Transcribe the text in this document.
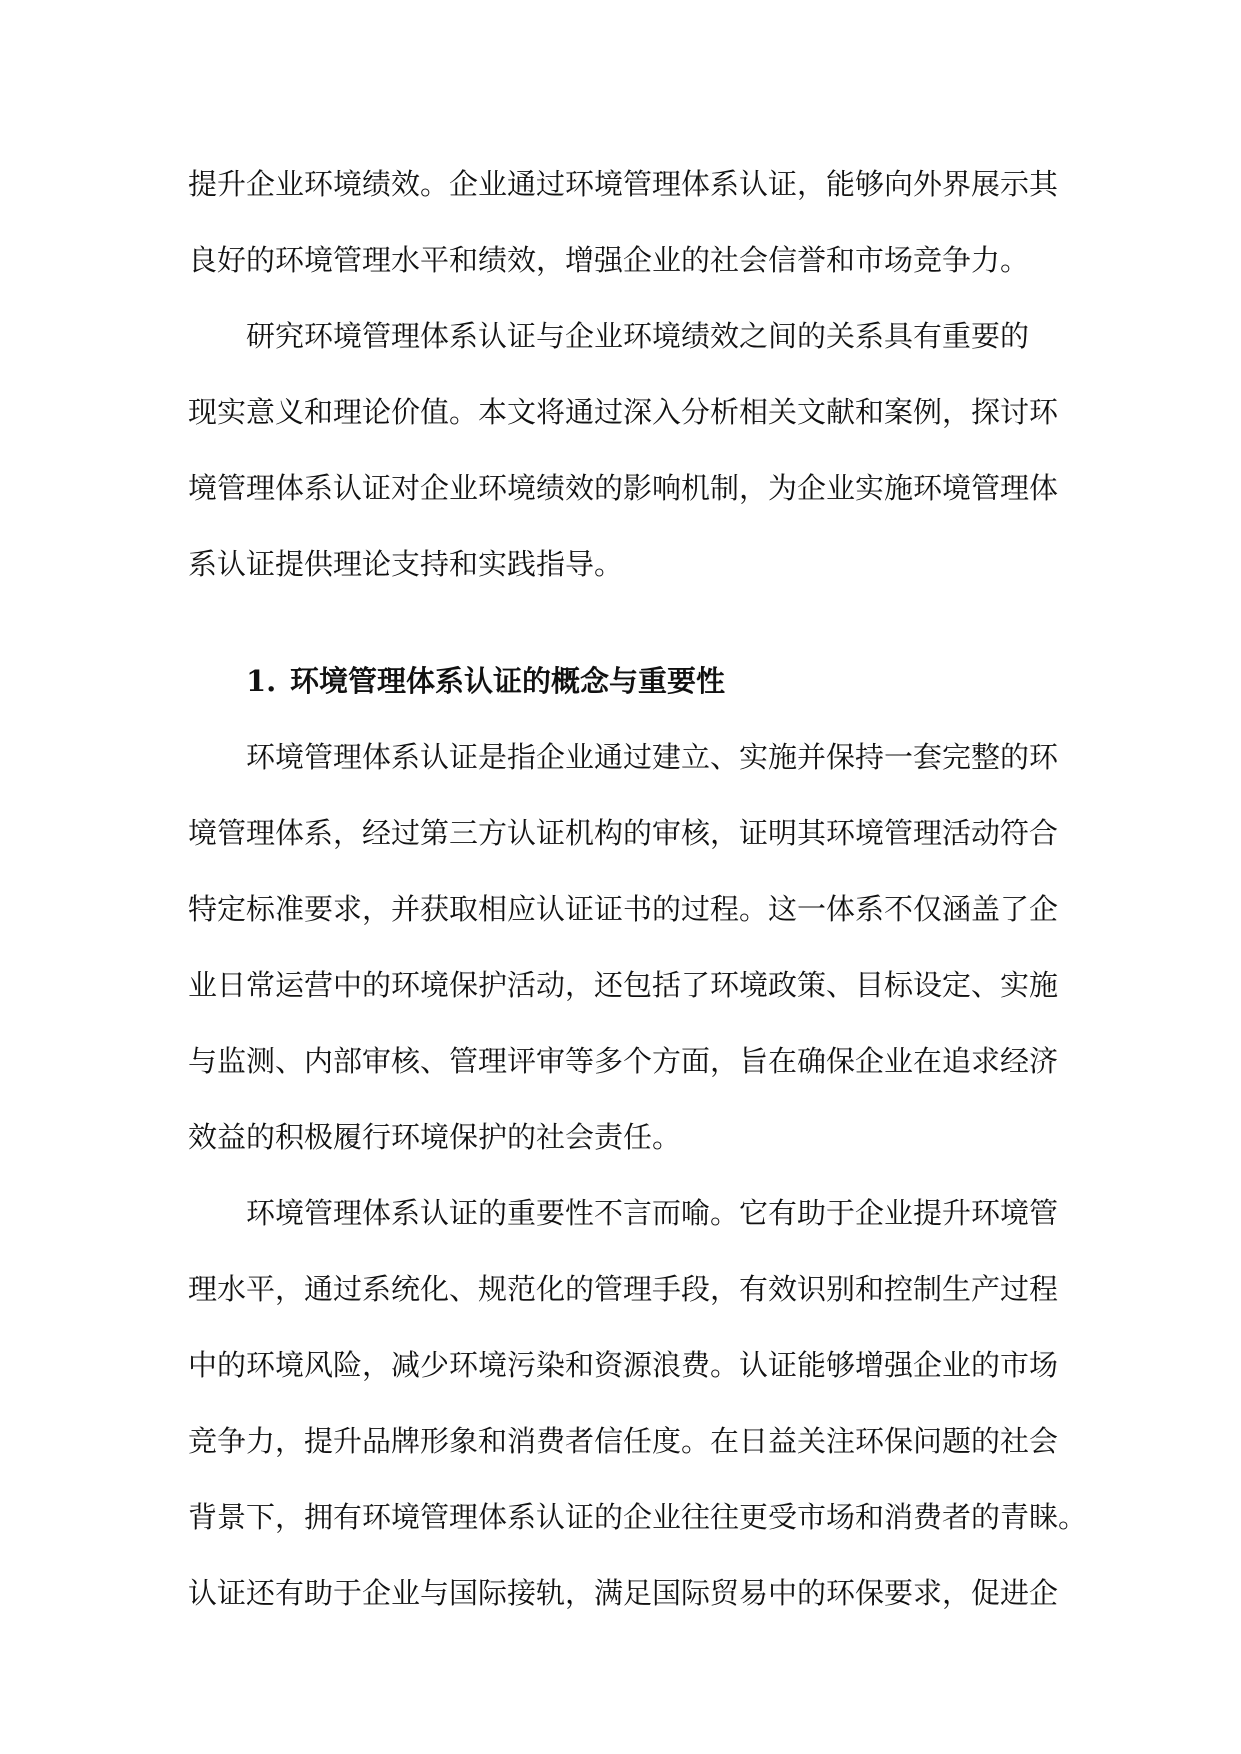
提升企业环境绩效。企业通过环境管理体系认证，能够向外界展示其
良好的环境管理水平和绩效，增强企业的社会信誉和市场竞争力。
研究环境管理体系认证与企业环境绩效之间的关系具有重要的
现实意义和理论价值。本文将通过深入分析相关文献和案例，探讨环
境管理体系认证对企业环境绩效的影响机制，为企业实施环境管理体
系认证提供理论支持和实践指导。
1. 环境管理体系认证的概念与重要性
环境管理体系认证是指企业通过建立、实施并保持一套完整的环
境管理体系，经过第三方认证机构的审核，证明其环境管理活动符合
特定标准要求，并获取相应认证证书的过程。这一体系不仅涵盖了企
业日常运营中的环境保护活动，还包括了环境政策、目标设定、实施
与监测、内部审核、管理评审等多个方面，旨在确保企业在追求经济
效益的积极履行环境保护的社会责任。
环境管理体系认证的重要性不言而喻。它有助于企业提升环境管
理水平，通过系统化、规范化的管理手段，有效识别和控制生产过程
中的环境风险，减少环境污染和资源浪费。认证能够增强企业的市场
竞争力，提升品牌形象和消费者信任度。在日益关注环保问题的社会
背景下，拥有环境管理体系认证的企业往往更受市场和消费者的青睐。
认证还有助于企业与国际接轨，满足国际贸易中的环保要求，促进企
